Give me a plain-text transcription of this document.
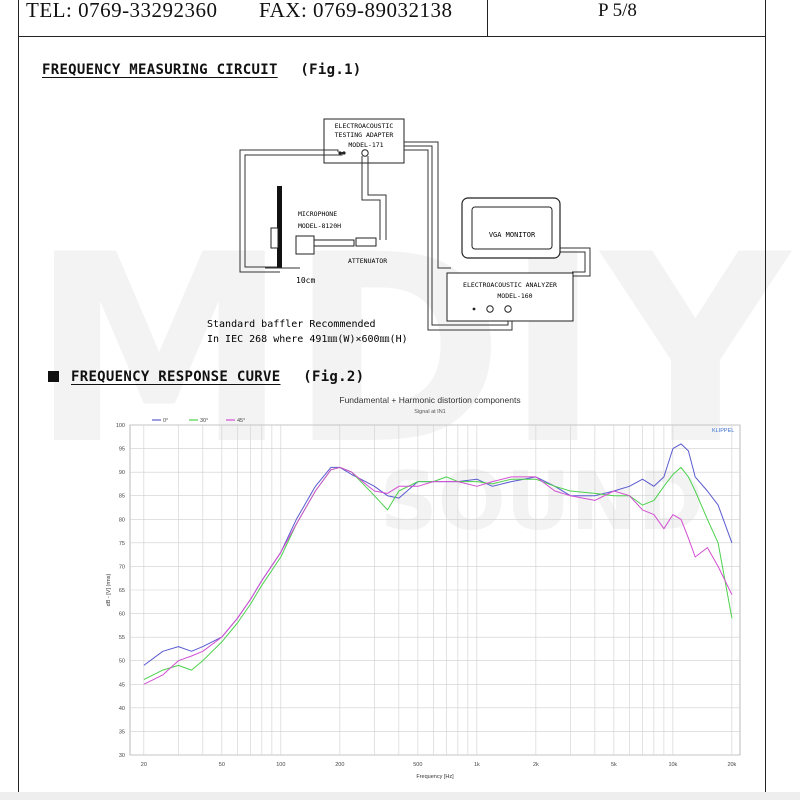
TEL: 0769-33292360 FAX: 0769-89032138	P 5/8
FREQUENCY MEASURING CIRCUIT (Fig.1)
ELECTROACOUSTIC
TESTING ADAPTER
MODEL-171
10cm
MICROPHONE
MODEL-8120H
ATTENUATOR
VGA MONITOR
ELECTROACOUSTIC ANALYZER
MODEL-160
Standard baffler Recommended
In IEC 268 where 491㎜(W)×600㎜(H)
FREQUENCY RESPONSE CURVE (Fig.2)
Fundamental + Harmonic distortion components
Signal at IN1
30
35
40
45
50
55
60
65
70
75
80
85
90
95
100
20	50	100	200	500	1k	2k	5k	10k	20k
0°	30°	45°
KLIPPEL
Frequency [Hz]
dB - [V] (rms)
